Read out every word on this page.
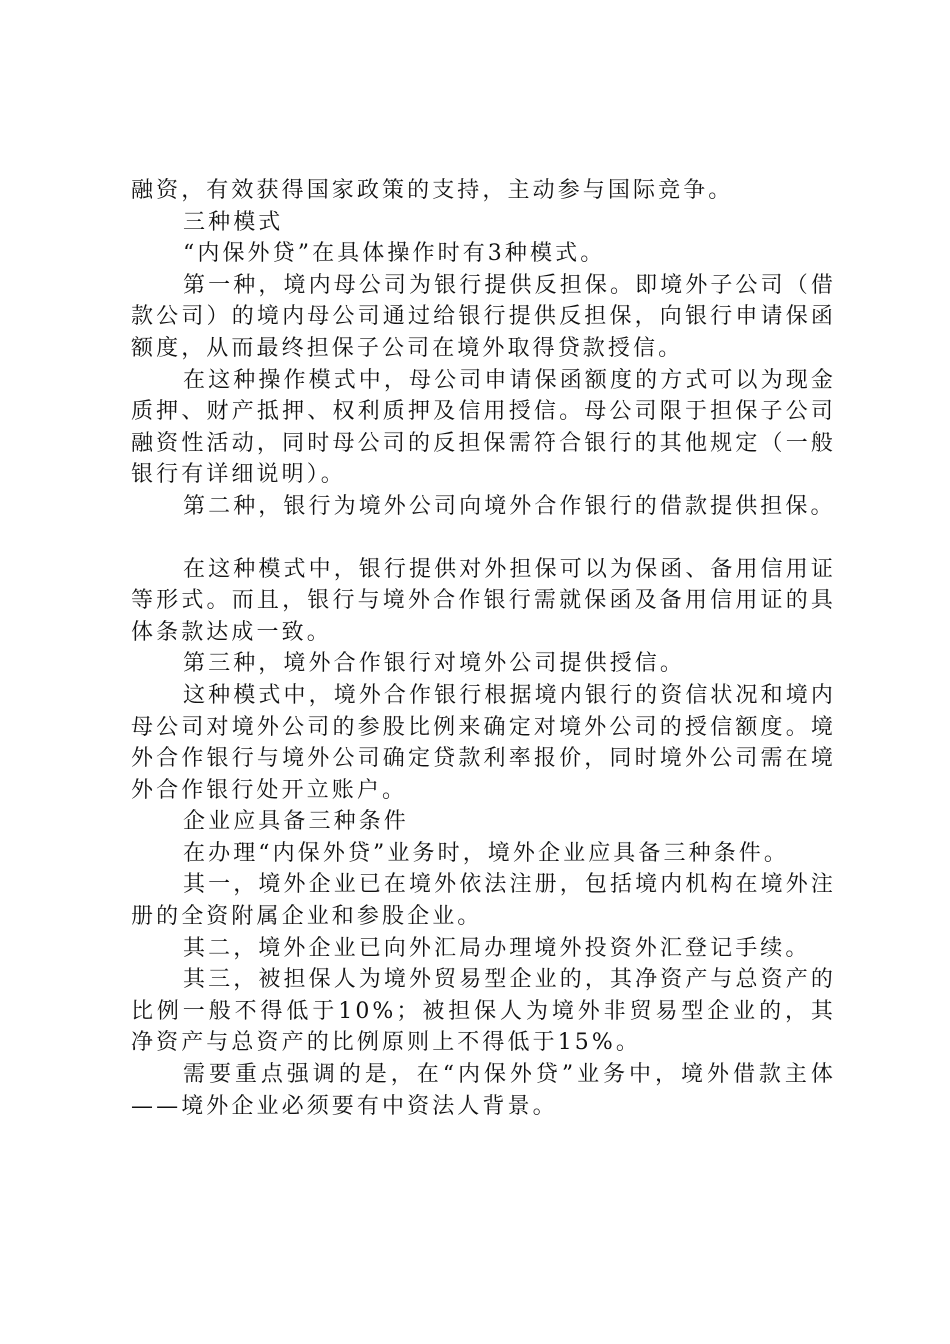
融资，有效获得国家政策的支持，主动参与国际竞争。

三种模式

“内保外贷”在具体操作时有3种模式。

第一种，境内母公司为银行提供反担保。即境外子公司（借款公司）的境内母公司通过给银行提供反担保，向银行申请保函额度，从而最终担保子公司在境外取得贷款授信。

在这种操作模式中，母公司申请保函额度的方式可以为现金质押、财产抵押、权利质押及信用授信。母公司限于担保子公司融资性活动，同时母公司的反担保需符合银行的其他规定（一般银行有详细说明）。

第二种，银行为境外公司向境外合作银行的借款提供担保。

在这种模式中，银行提供对外担保可以为保函、备用信用证等形式。而且，银行与境外合作银行需就保函及备用信用证的具体条款达成一致。

第三种，境外合作银行对境外公司提供授信。

这种模式中，境外合作银行根据境内银行的资信状况和境内母公司对境外公司的参股比例来确定对境外公司的授信额度。境外合作银行与境外公司确定贷款利率报价，同时境外公司需在境外合作银行处开立账户。

企业应具备三种条件

在办理“内保外贷”业务时，境外企业应具备三种条件。

其一，境外企业已在境外依法注册，包括境内机构在境外注册的全资附属企业和参股企业。

其二，境外企业已向外汇局办理境外投资外汇登记手续。

其三，被担保人为境外贸易型企业的，其净资产与总资产的比例一般不得低于10%；被担保人为境外非贸易型企业的，其净资产与总资产的比例原则上不得低于15%。

需要重点强调的是，在“内保外贷”业务中，境外借款主体——境外企业必须要有中资法人背景。
